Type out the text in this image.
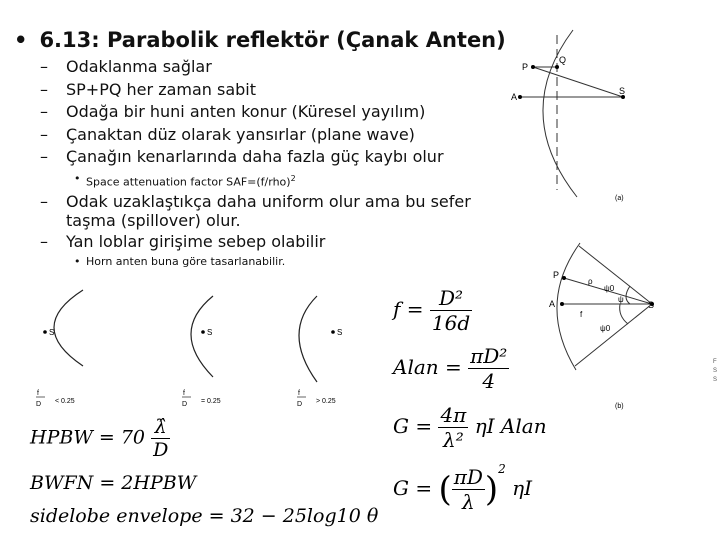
• 6.13: Parabolik reflektör (Çanak Anten)
– Odaklanma sağlar
– SP+PQ her zaman sabit
– Odağa bir huni anten konur (Küresel yayılım)
– Çanaktan düz olarak yansırlar (plane wave)
– Çanağın kenarlarında daha fazla güç kaybı olur
• Space attenuation factor $SAF=(f/rho)^2$
– Odak uzaklaştıkça daha uniform olur ama bu sefer
taşma (spillover) olur.
– Yan loblar girişime sebep olabilir
• Horn anten buna göre tasarlanabilir.
P
Q
A
S
(a)
P
A	S
f
ρ
ψ0
ψ
ψ0
(b)
F S S
S
f
D < 0.25
S
f
D = 0.25
S
f
D > 0.25
HPBW = $70 \frac{\lambdâ}{D}$
BWFN = 2HPBW
sidelobe envelope = 32 − 25log10 θ
$f = \frac{\text{D²}}{16d}$
Alan = $\frac{\text{πD²}}{4}$
$G = \frac{4\pi}{\text{λ²}}$ ηI Alan
G = ( $\frac{\pi D}{\lambda} )^2$ ηI
